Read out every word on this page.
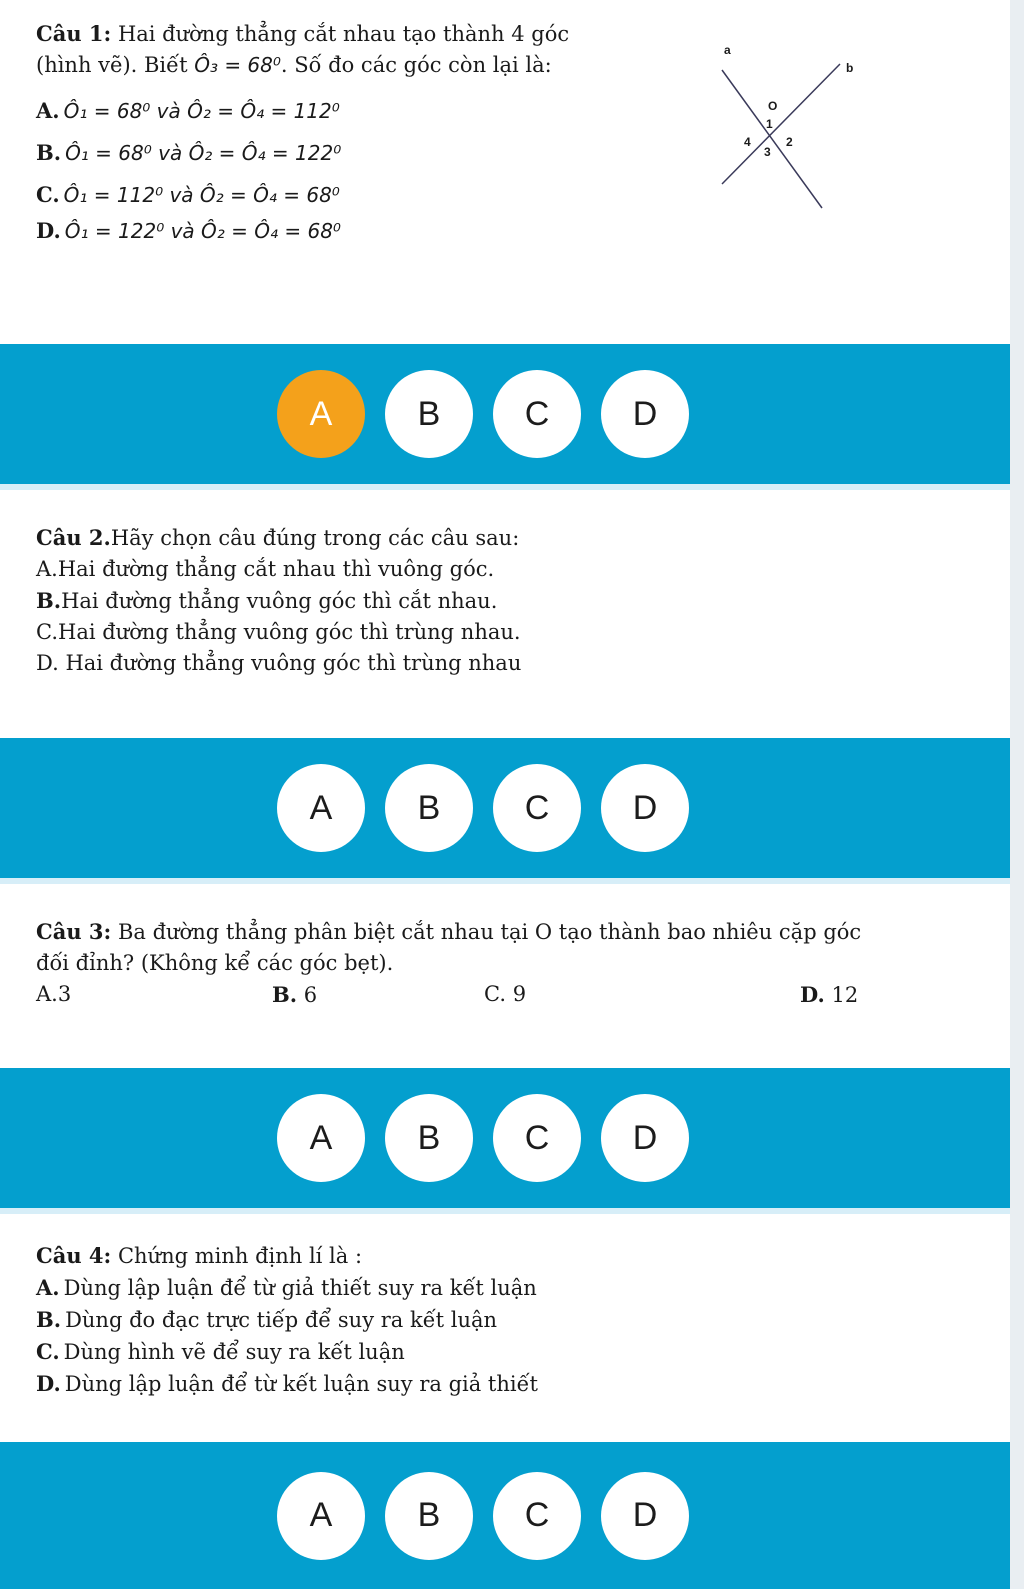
Câu 1: Hai đường thẳng cắt nhau tạo thành 4 góc

(hình vẽ). Biết Ô₃ = 68⁰. Số đo các góc còn lại là:

A. Ô₁ = 68⁰ và Ô₂ = Ô₄ = 112⁰

B. Ô₁ = 68⁰ và Ô₂ = Ô₄ = 122⁰

C. Ô₁ = 112⁰ và Ô₂ = Ô₄ = 68⁰

D. Ô₁ = 122⁰ và Ô₂ = Ô₄ = 68⁰

a
b
O
1
2
3
4
A	B	C	D

Câu 2.Hãy chọn câu đúng trong các câu sau:

A.Hai đường thẳng cắt nhau thì vuông góc.

B.Hai đường thẳng vuông góc thì cắt nhau.

C.Hai đường thẳng vuông góc thì trùng nhau.

D. Hai đường thẳng vuông góc thì trùng nhau

A	B	C	D

Câu 3: Ba đường thẳng phân biệt cắt nhau tại O tạo thành bao nhiêu cặp góc

đối đỉnh? (Không kể các góc bẹt).

A.3	B. 6	C. 9	D. 12
A	B	C	D

Câu 4: Chứng minh định lí là :

A. Dùng lập luận để từ giả thiết suy ra kết luận

B. Dùng đo đạc trực tiếp để suy ra kết luận

C. Dùng hình vẽ để suy ra kết luận

D. Dùng lập luận để từ kết luận suy ra giả thiết

A	B	C	D
